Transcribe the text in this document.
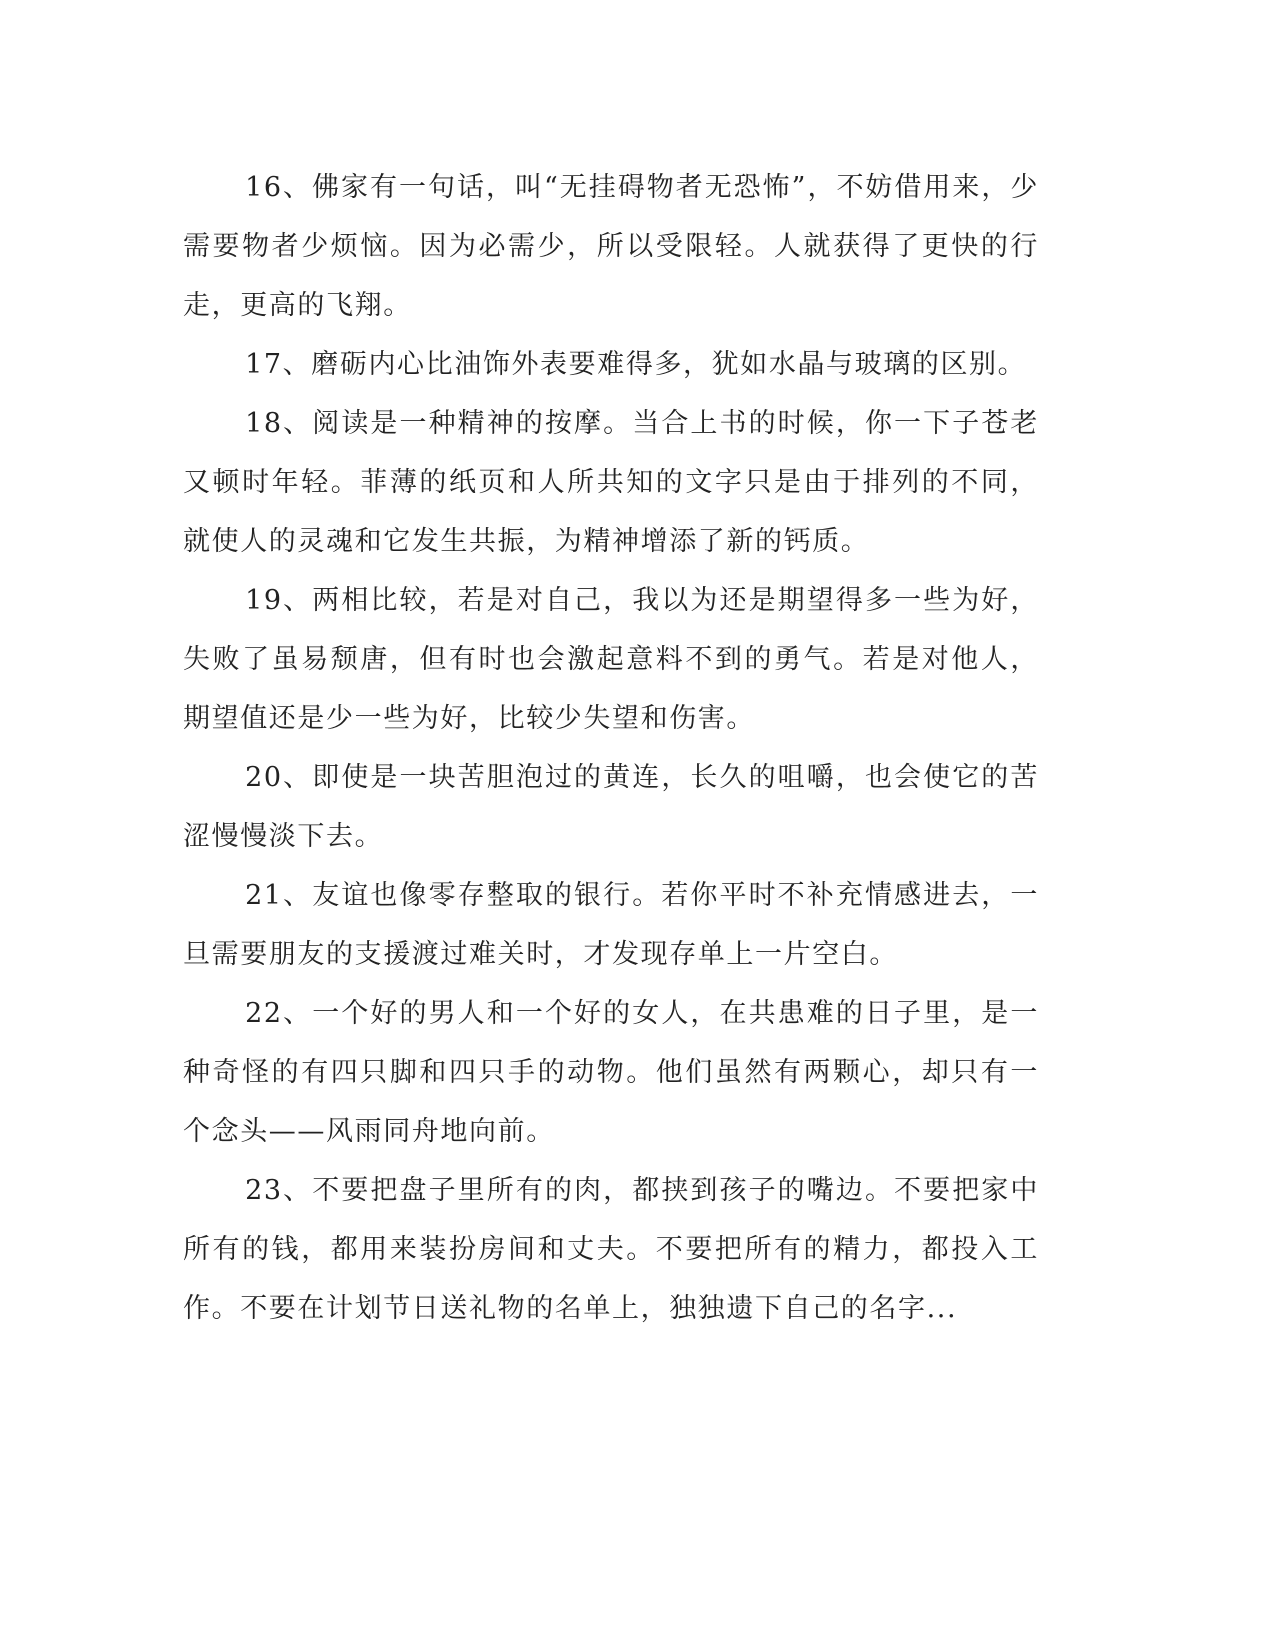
16、佛家有一句话，叫“无挂碍物者无恐怖”，不妨借用来，少需要物者少烦恼。因为必需少，所以受限轻。人就获得了更快的行走，更高的飞翔。

17、磨砺内心比油饰外表要难得多，犹如水晶与玻璃的区别。

18、阅读是一种精神的按摩。当合上书的时候，你一下子苍老又顿时年轻。菲薄的纸页和人所共知的文字只是由于排列的不同，就使人的灵魂和它发生共振，为精神增添了新的钙质。

19、两相比较，若是对自己，我以为还是期望得多一些为好，失败了虽易颓唐，但有时也会激起意料不到的勇气。若是对他人，期望值还是少一些为好，比较少失望和伤害。

20、即使是一块苦胆泡过的黄连，长久的咀嚼，也会使它的苦涩慢慢淡下去。

21、友谊也像零存整取的银行。若你平时不补充情感进去，一旦需要朋友的支援渡过难关时，才发现存单上一片空白。

22、一个好的男人和一个好的女人，在共患难的日子里，是一种奇怪的有四只脚和四只手的动物。他们虽然有两颗心，却只有一个念头——风雨同舟地向前。

23、不要把盘子里所有的肉，都挟到孩子的嘴边。不要把家中所有的钱，都用来装扮房间和丈夫。不要把所有的精力，都投入工作。不要在计划节日送礼物的名单上，独独遗下自己的名字...
